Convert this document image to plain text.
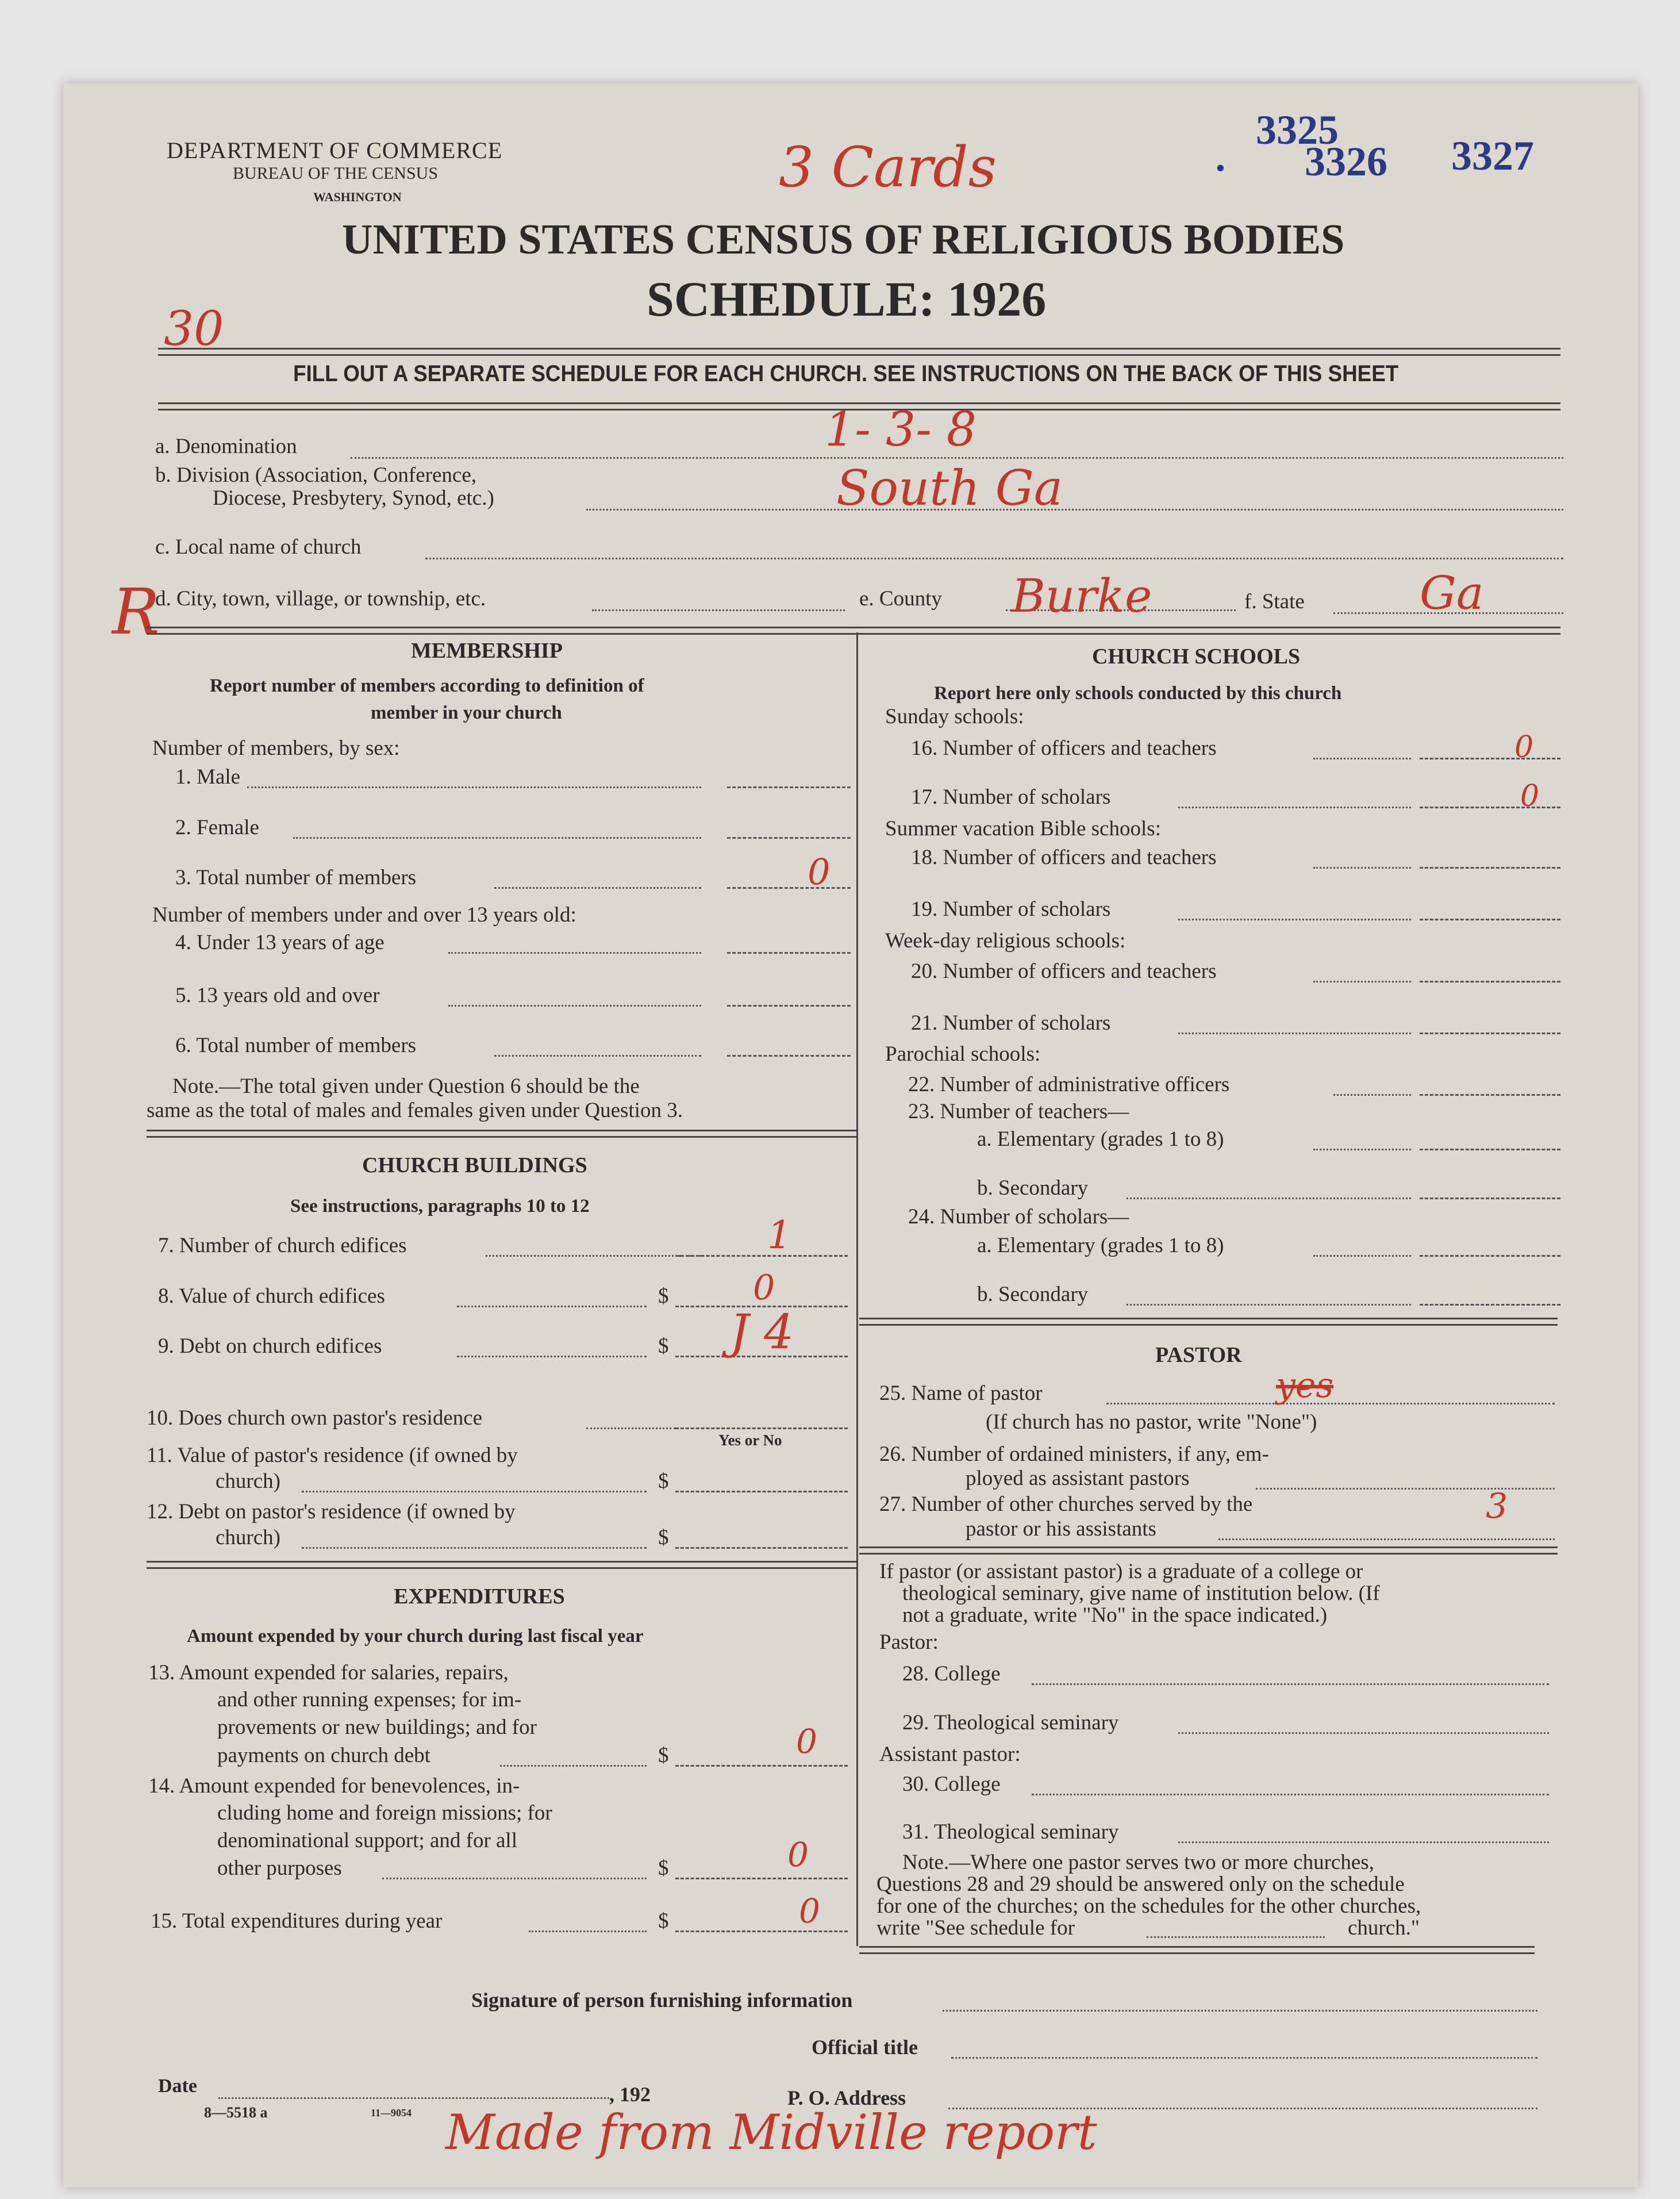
DEPARTMENT OF COMMERCE
BUREAU OF THE CENSUS
WASHINGTON	3 Cards
3325
3326 3327
•
UNITED STATES CENSUS OF RELIGIOUS BODIES
SCHEDULE: 1926
30
FILL OUT A SEPARATE SCHEDULE FOR EACH CHURCH. SEE INSTRUCTIONS ON THE BACK OF THIS SHEET
a. Denomination	1- 3- 8
b. Division (Association, Conference,
Diocese, Presbytery, Synod, etc.)	South Ga
c. Local name of church
R
d. City, town, village, or township, etc.	e. County Burke	f. State	Ga
MEMBERSHIP
Report number of members according to definition of
member in your church
Number of members, by sex:
1. Male
2. Female
3. Total number of members	0
Number of members under and over 13 years old:
4. Under 13 years of age
5. 13 years old and over
6. Total number of members
Note.—The total given under Question 6 should be the
same as the total of males and females given under Question 3.
CHURCH BUILDINGS
See instructions, paragraphs 10 to 12
7. Number of church edifices	1
8. Value of church edifices	$ 0
9. Debt on church edifices	$ J 4
10. Does church own pastor's residence
Yes or No
11. Value of pastor's residence (if owned by
church)	$
12. Debt on pastor's residence (if owned by
church)	$
EXPENDITURES
Amount expended by your church during last fiscal year
13. Amount expended for salaries, repairs,
and other running expenses; for im-
provements or new buildings; and for
payments on church debt	$	0
14. Amount expended for benevolences, in-
cluding home and foreign missions; for
denominational support; and for all
other purposes	$	0
15. Total expenditures during year	$	0
CHURCH SCHOOLS
Report here only schools conducted by this church
Sunday schools:
16. Number of officers and teachers	0
17. Number of scholars	0
Summer vacation Bible schools:
18. Number of officers and teachers
19. Number of scholars
Week-day religious schools:
20. Number of officers and teachers
21. Number of scholars
Parochial schools:
22. Number of administrative officers
23. Number of teachers—
a. Elementary (grades 1 to 8)
b. Secondary
24. Number of scholars—
a. Elementary (grades 1 to 8)
b. Secondary
PASTOR
25. Name of pastor	yes
(If church has no pastor, write "None")
26. Number of ordained ministers, if any, em-
ployed as assistant pastors
27. Number of other churches served by the
pastor or his assistants
3
If pastor (or assistant pastor) is a graduate of a college or
theological seminary, give name of institution below. (If
not a graduate, write "No" in the space indicated.)
Pastor:
28. College
29. Theological seminary
Assistant pastor:
30. College
31. Theological seminary
Note.—Where one pastor serves two or more churches,
Questions 28 and 29 should be answered only on the schedule
for one of the churches; on the schedules for the other churches,
write "See schedule for	church."
Signature of person furnishing information
Official title
Date	, 192	P. O. Address
8—5518 a	11—9054 Made from Midville report
